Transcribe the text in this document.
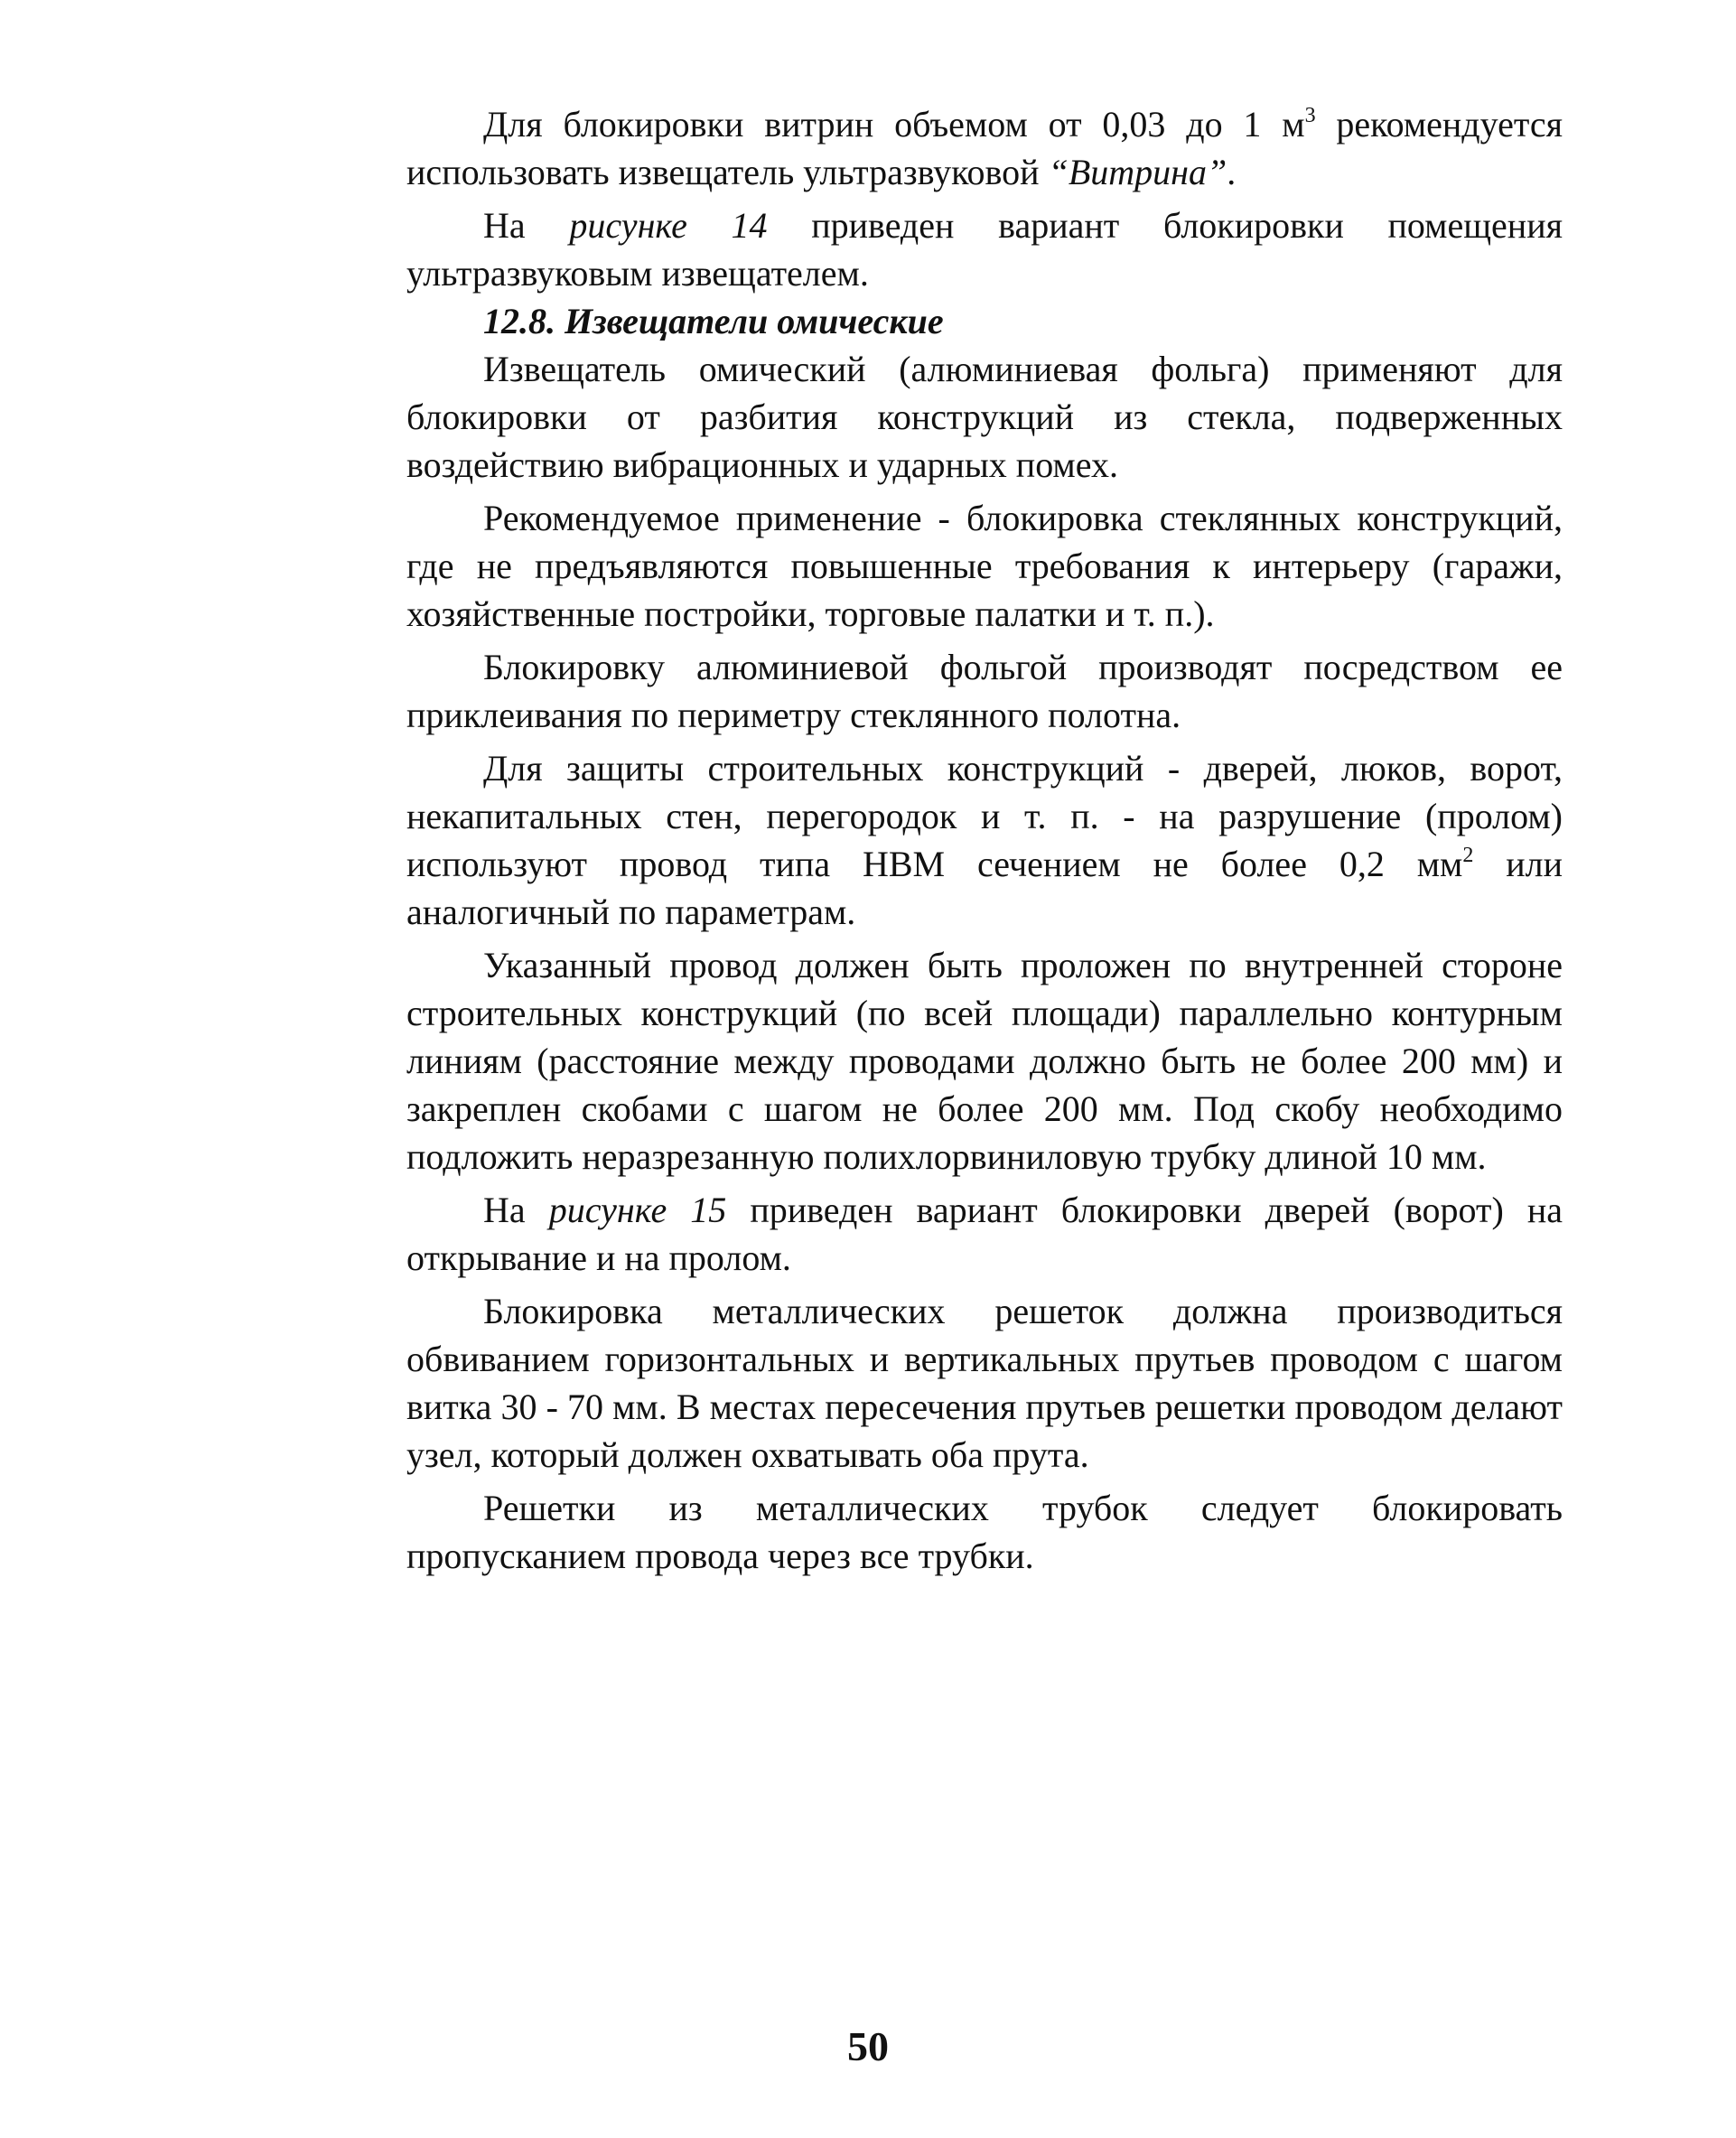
Для блокировки витрин объемом от 0,03 до 1 $м^3$ рекомендуется использовать извещатель ультразвуковой “Витрина”.

На рисунке 14 приведен вариант блокировки помещения ультразвуковым извещателем.

12.8. Извещатели омические

Извещатель омический (алюминиевая фольга) применяют для блокировки от разбития конструкций из стекла, подверженных воздействию вибрационных и ударных помех.

Рекомендуемое применение - блокировка стеклянных конструкций, где не предъявляются повышенные требования к интерьеру (гаражи, хозяйственные постройки, торговые палатки и т. п.).

Блокировку алюминиевой фольгой производят посредством ее приклеивания по периметру стеклянного полотна.

Для защиты строительных конструкций - дверей, люков, ворот, некапитальных стен, перегородок и т. п. - на разрушение (пролом) используют провод типа НВМ сечением не более 0,2 $мм^2$ или аналогичный по параметрам.

Указанный провод должен быть проложен по внутренней стороне строительных конструкций (по всей площади) параллельно контурным линиям (расстояние между проводами должно быть не более 200 мм) и закреплен скобами с шагом не более 200 мм. Под скобу необходимо подложить неразрезанную полихлорвиниловую трубку длиной 10 мм.

На рисунке 15 приведен вариант блокировки дверей (ворот) на открывание и на пролом.

Блокировка металлических решеток должна производиться обвиванием горизонтальных и вертикальных прутьев проводом с шагом витка 30 - 70 мм. В местах пересечения прутьев решетки проводом делают узел, который должен охватывать оба прута.

Решетки из металлических трубок следует блокировать пропусканием провода через все трубки.

50
